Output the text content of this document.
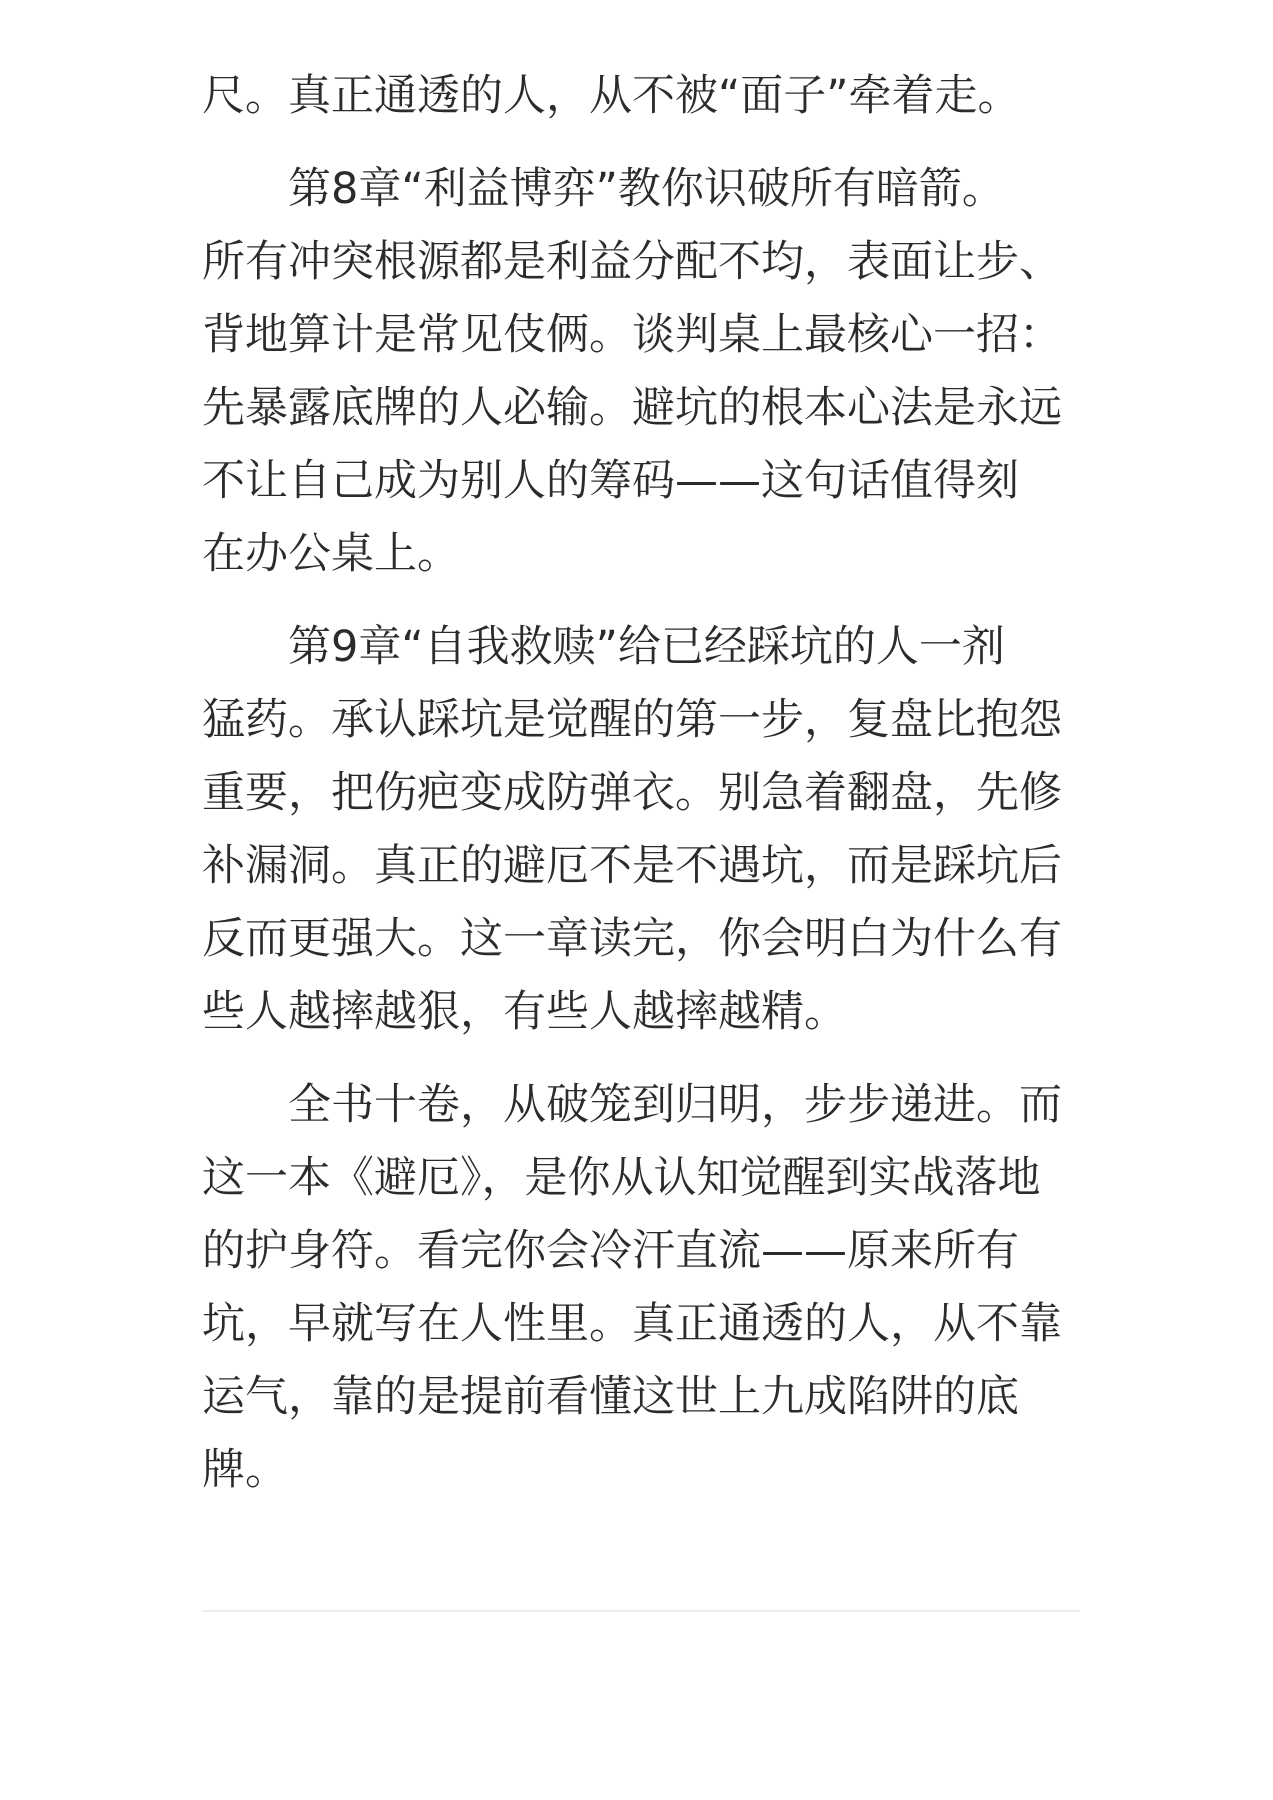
尺。真正通透的人，从不被“面子”牵着走。

第8章“利益博弈”教你识破所有暗箭。
所有冲突根源都是利益分配不均，表面让步、
背地算计是常见伎俩。谈判桌上最核心一招：
先暴露底牌的人必输。避坑的根本心法是永远
不让自己成为别人的筹码——这句话值得刻
在办公桌上。

第9章“自我救赎”给已经踩坑的人一剂
猛药。承认踩坑是觉醒的第一步，复盘比抱怨
重要，把伤疤变成防弹衣。别急着翻盘，先修
补漏洞。真正的避厄不是不遇坑，而是踩坑后
反而更强大。这一章读完，你会明白为什么有
些人越摔越狠，有些人越摔越精。

全书十卷，从破笼到归明，步步递进。而
这一本《避厄》，是你从认知觉醒到实战落地
的护身符。看完你会冷汗直流——原来所有
坑，早就写在人性里。真正通透的人，从不靠
运气，靠的是提前看懂这世上九成陷阱的底
牌。
